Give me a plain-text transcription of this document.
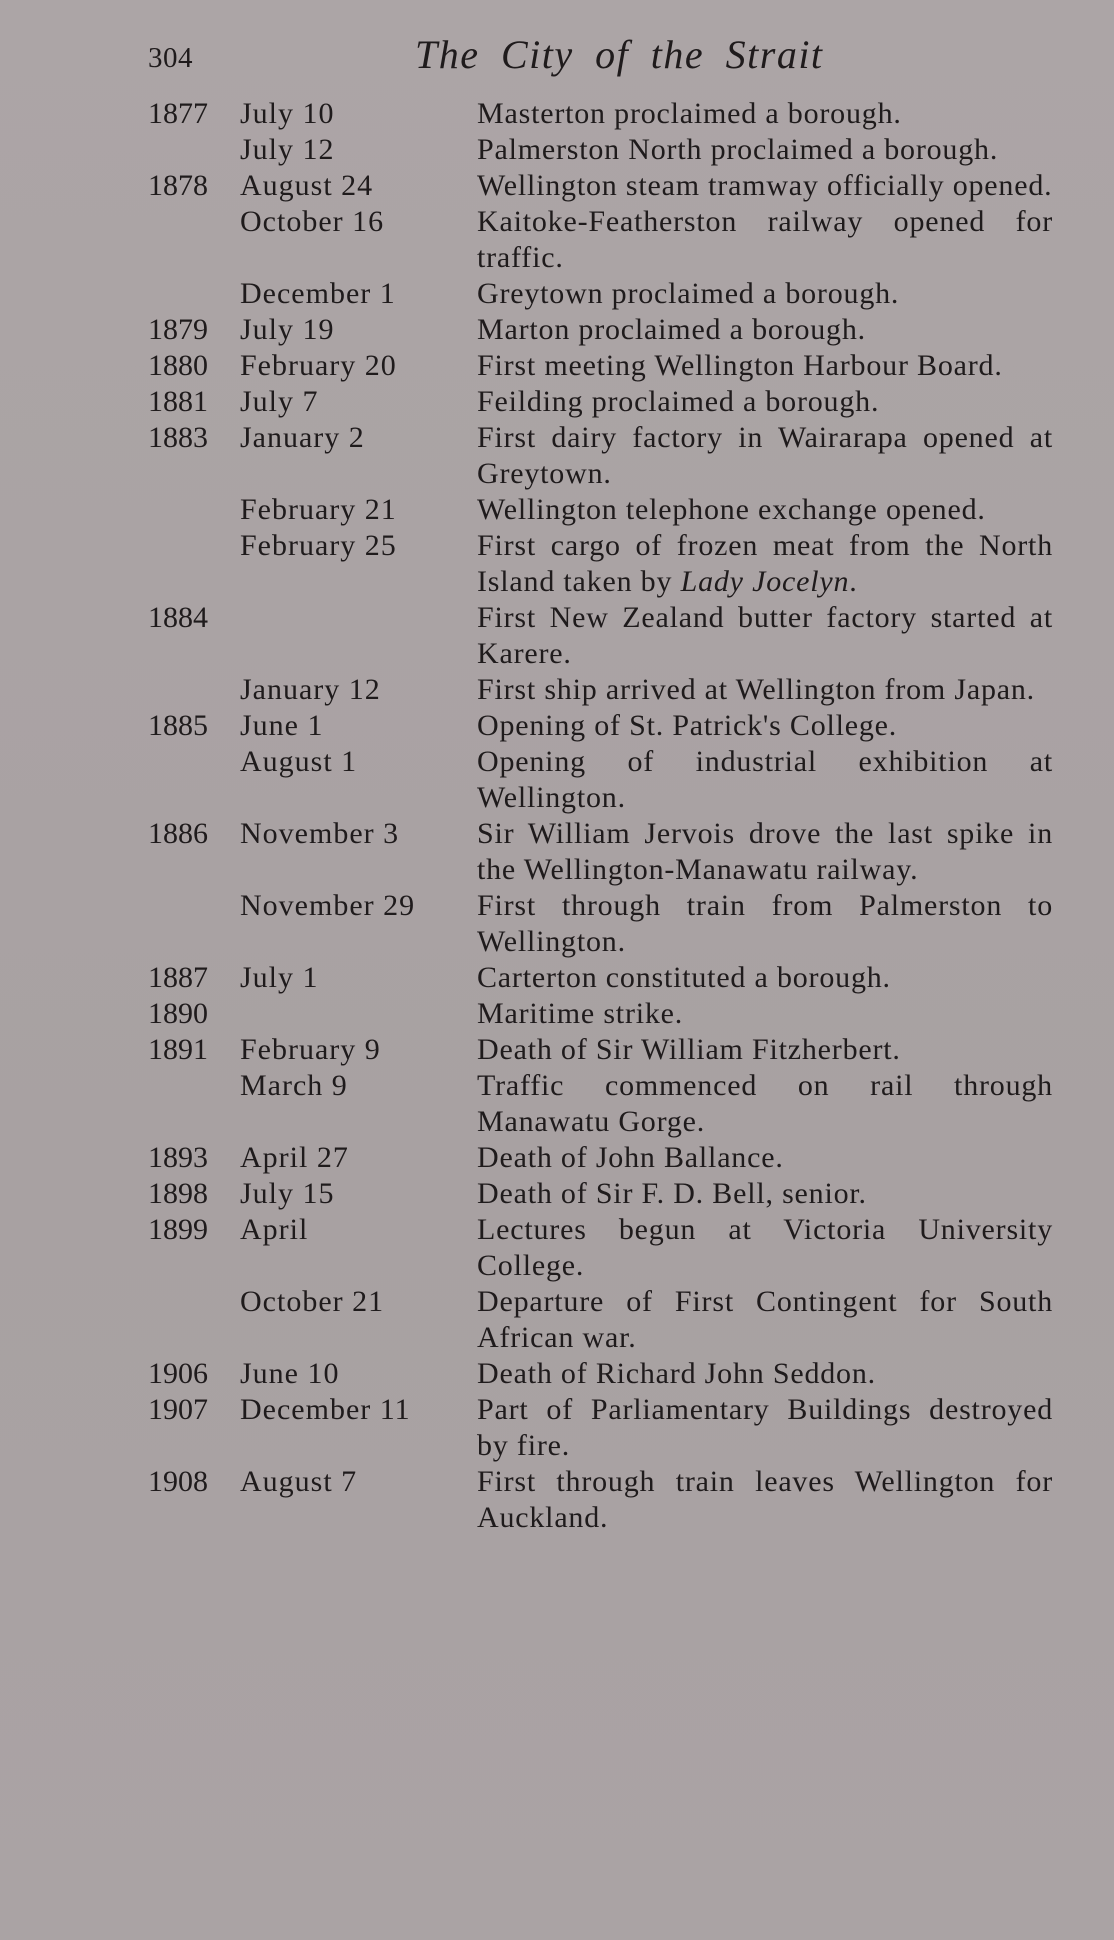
304	The City of the Strait
1877	July 10	Masterton proclaimed a borough.
July 12	Palmerston North proclaimed a borough.
1878	August 24	Wellington steam tramway officially opened.
October 16	Kaitoke-Featherston railway opened for traffic.
December 1	Greytown proclaimed a borough.
1879	July 19	Marton proclaimed a borough.
1880	February 20	First meeting Wellington Harbour Board.
1881	July 7	Feilding proclaimed a borough.
1883	January 2	First dairy factory in Wairarapa opened at Greytown.
February 21	Wellington telephone exchange opened.
February 25	First cargo of frozen meat from the North Island taken by Lady Jocelyn.
1884	First New Zealand butter factory started at Karere.
January 12	First ship arrived at Wellington from Japan.
1885	June 1	Opening of St. Patrick's College.
August 1	Opening of industrial exhibition at Wellington.
1886	November 3	Sir William Jervois drove the last spike in the Wellington-Manawatu railway.
November 29	First through train from Palmerston to Wellington.
1887	July 1	Carterton constituted a borough.
1890	Maritime strike.
1891	February 9	Death of Sir William Fitzherbert.
March 9	Traffic commenced on rail through Manawatu Gorge.
1893	April 27	Death of John Ballance.
1898	July 15	Death of Sir F. D. Bell, senior.
1899	April	Lectures begun at Victoria University College.
October 21	Departure of First Contingent for South African war.
1906	June 10	Death of Richard John Seddon.
1907	December 11	Part of Parliamentary Buildings destroyed by fire.
1908	August 7	First through train leaves Wellington for Auckland.
